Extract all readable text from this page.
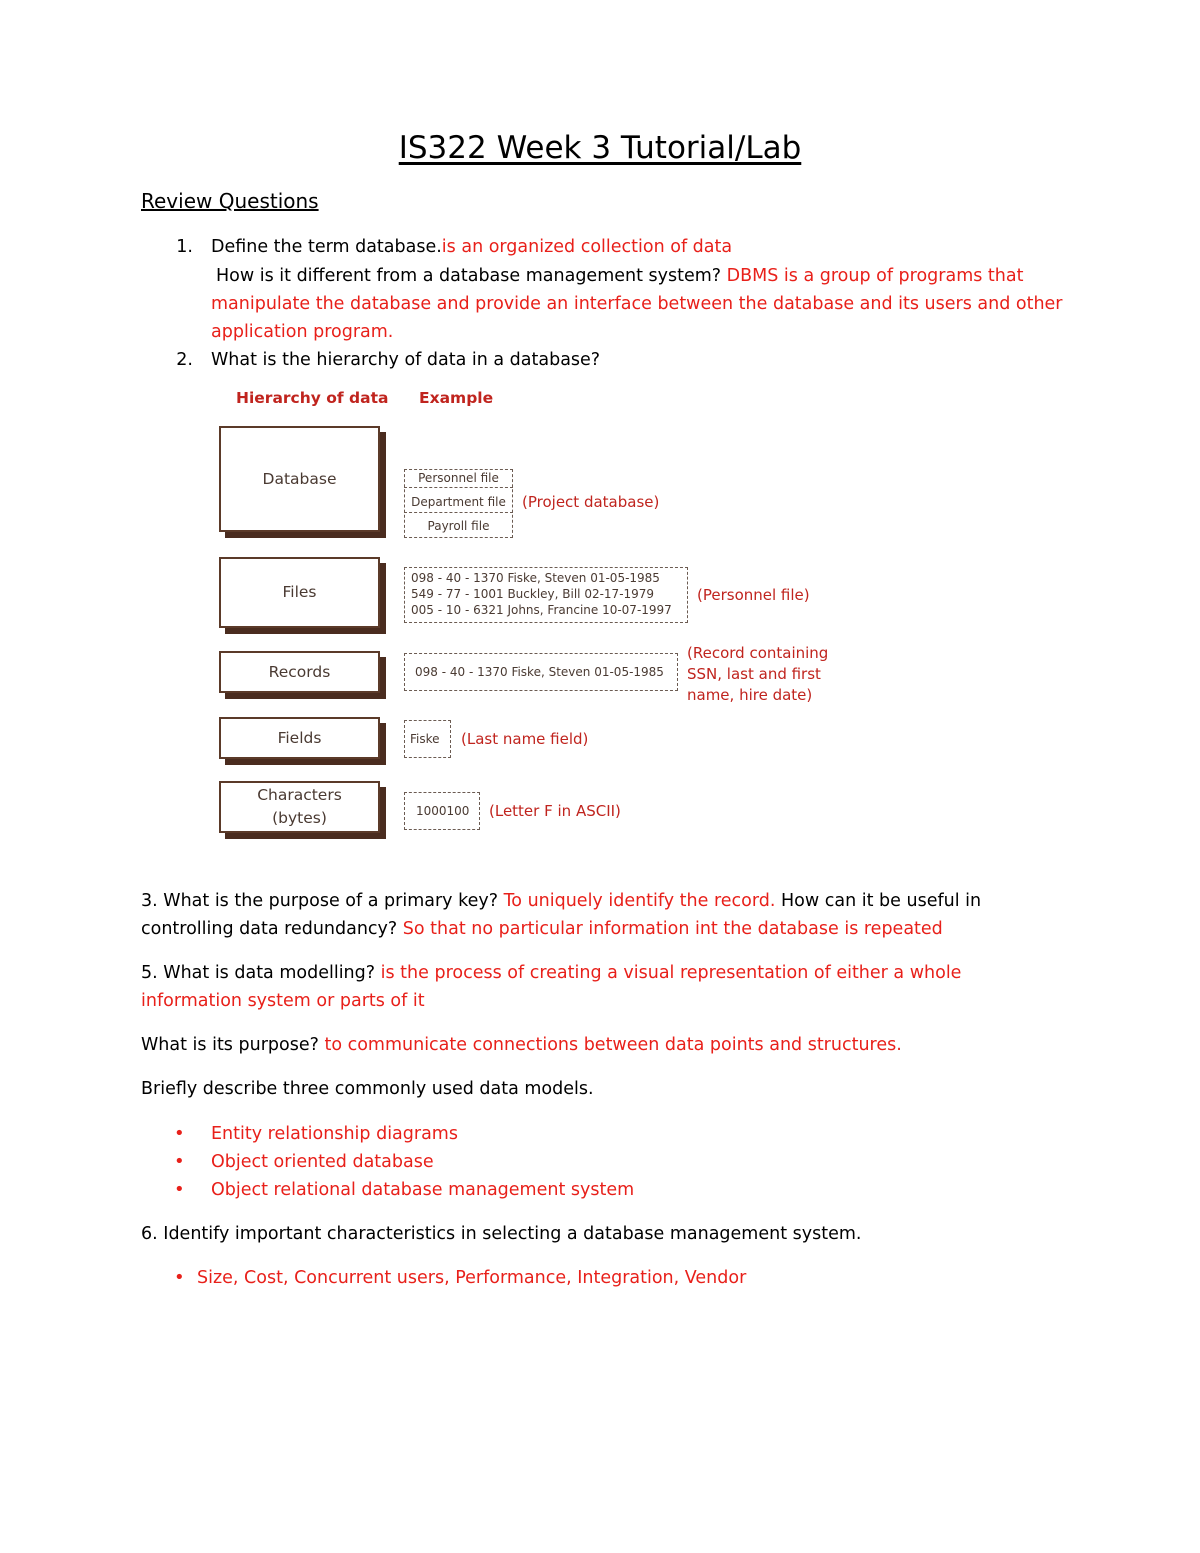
IS322 Week 3 Tutorial/Lab
Review Questions
1. Define the term database.is an organized collection of data
How is it different from a database management system? DBMS is a group of programs that
manipulate the database and provide an interface between the database and its users and other
application program.
2. What is the hierarchy of data in a database?
Hierarchy of data Example
Database
Files
Records
Fields
Characters
(bytes)
Personnel file
Department file
Payroll file
(Project database)
098 - 40 - 1370 Fiske, Steven 01-05-1985
549 - 77 - 1001 Buckley, Bill 02-17-1979
005 - 10 - 6321 Johns, Francine 10-07-1997
(Personnel file)
098 - 40 - 1370 Fiske, Steven 01-05-1985
(Record containing
SSN, last and first
name, hire date)
Fiske	(Last name field)
1000100	(Letter F in ASCII)
3. What is the purpose of a primary key? To uniquely identify the record. How can it be useful in
controlling data redundancy? So that no particular information int the database is repeated
5. What is data modelling? is the process of creating a visual representation of either a whole
information system or parts of it
What is its purpose? to communicate connections between data points and structures.
Briefly describe three commonly used data models.
• Entity relationship diagrams
• Object oriented database
• Object relational database management system
6. Identify important characteristics in selecting a database management system.
• Size, Cost, Concurrent users, Performance, Integration, Vendor
